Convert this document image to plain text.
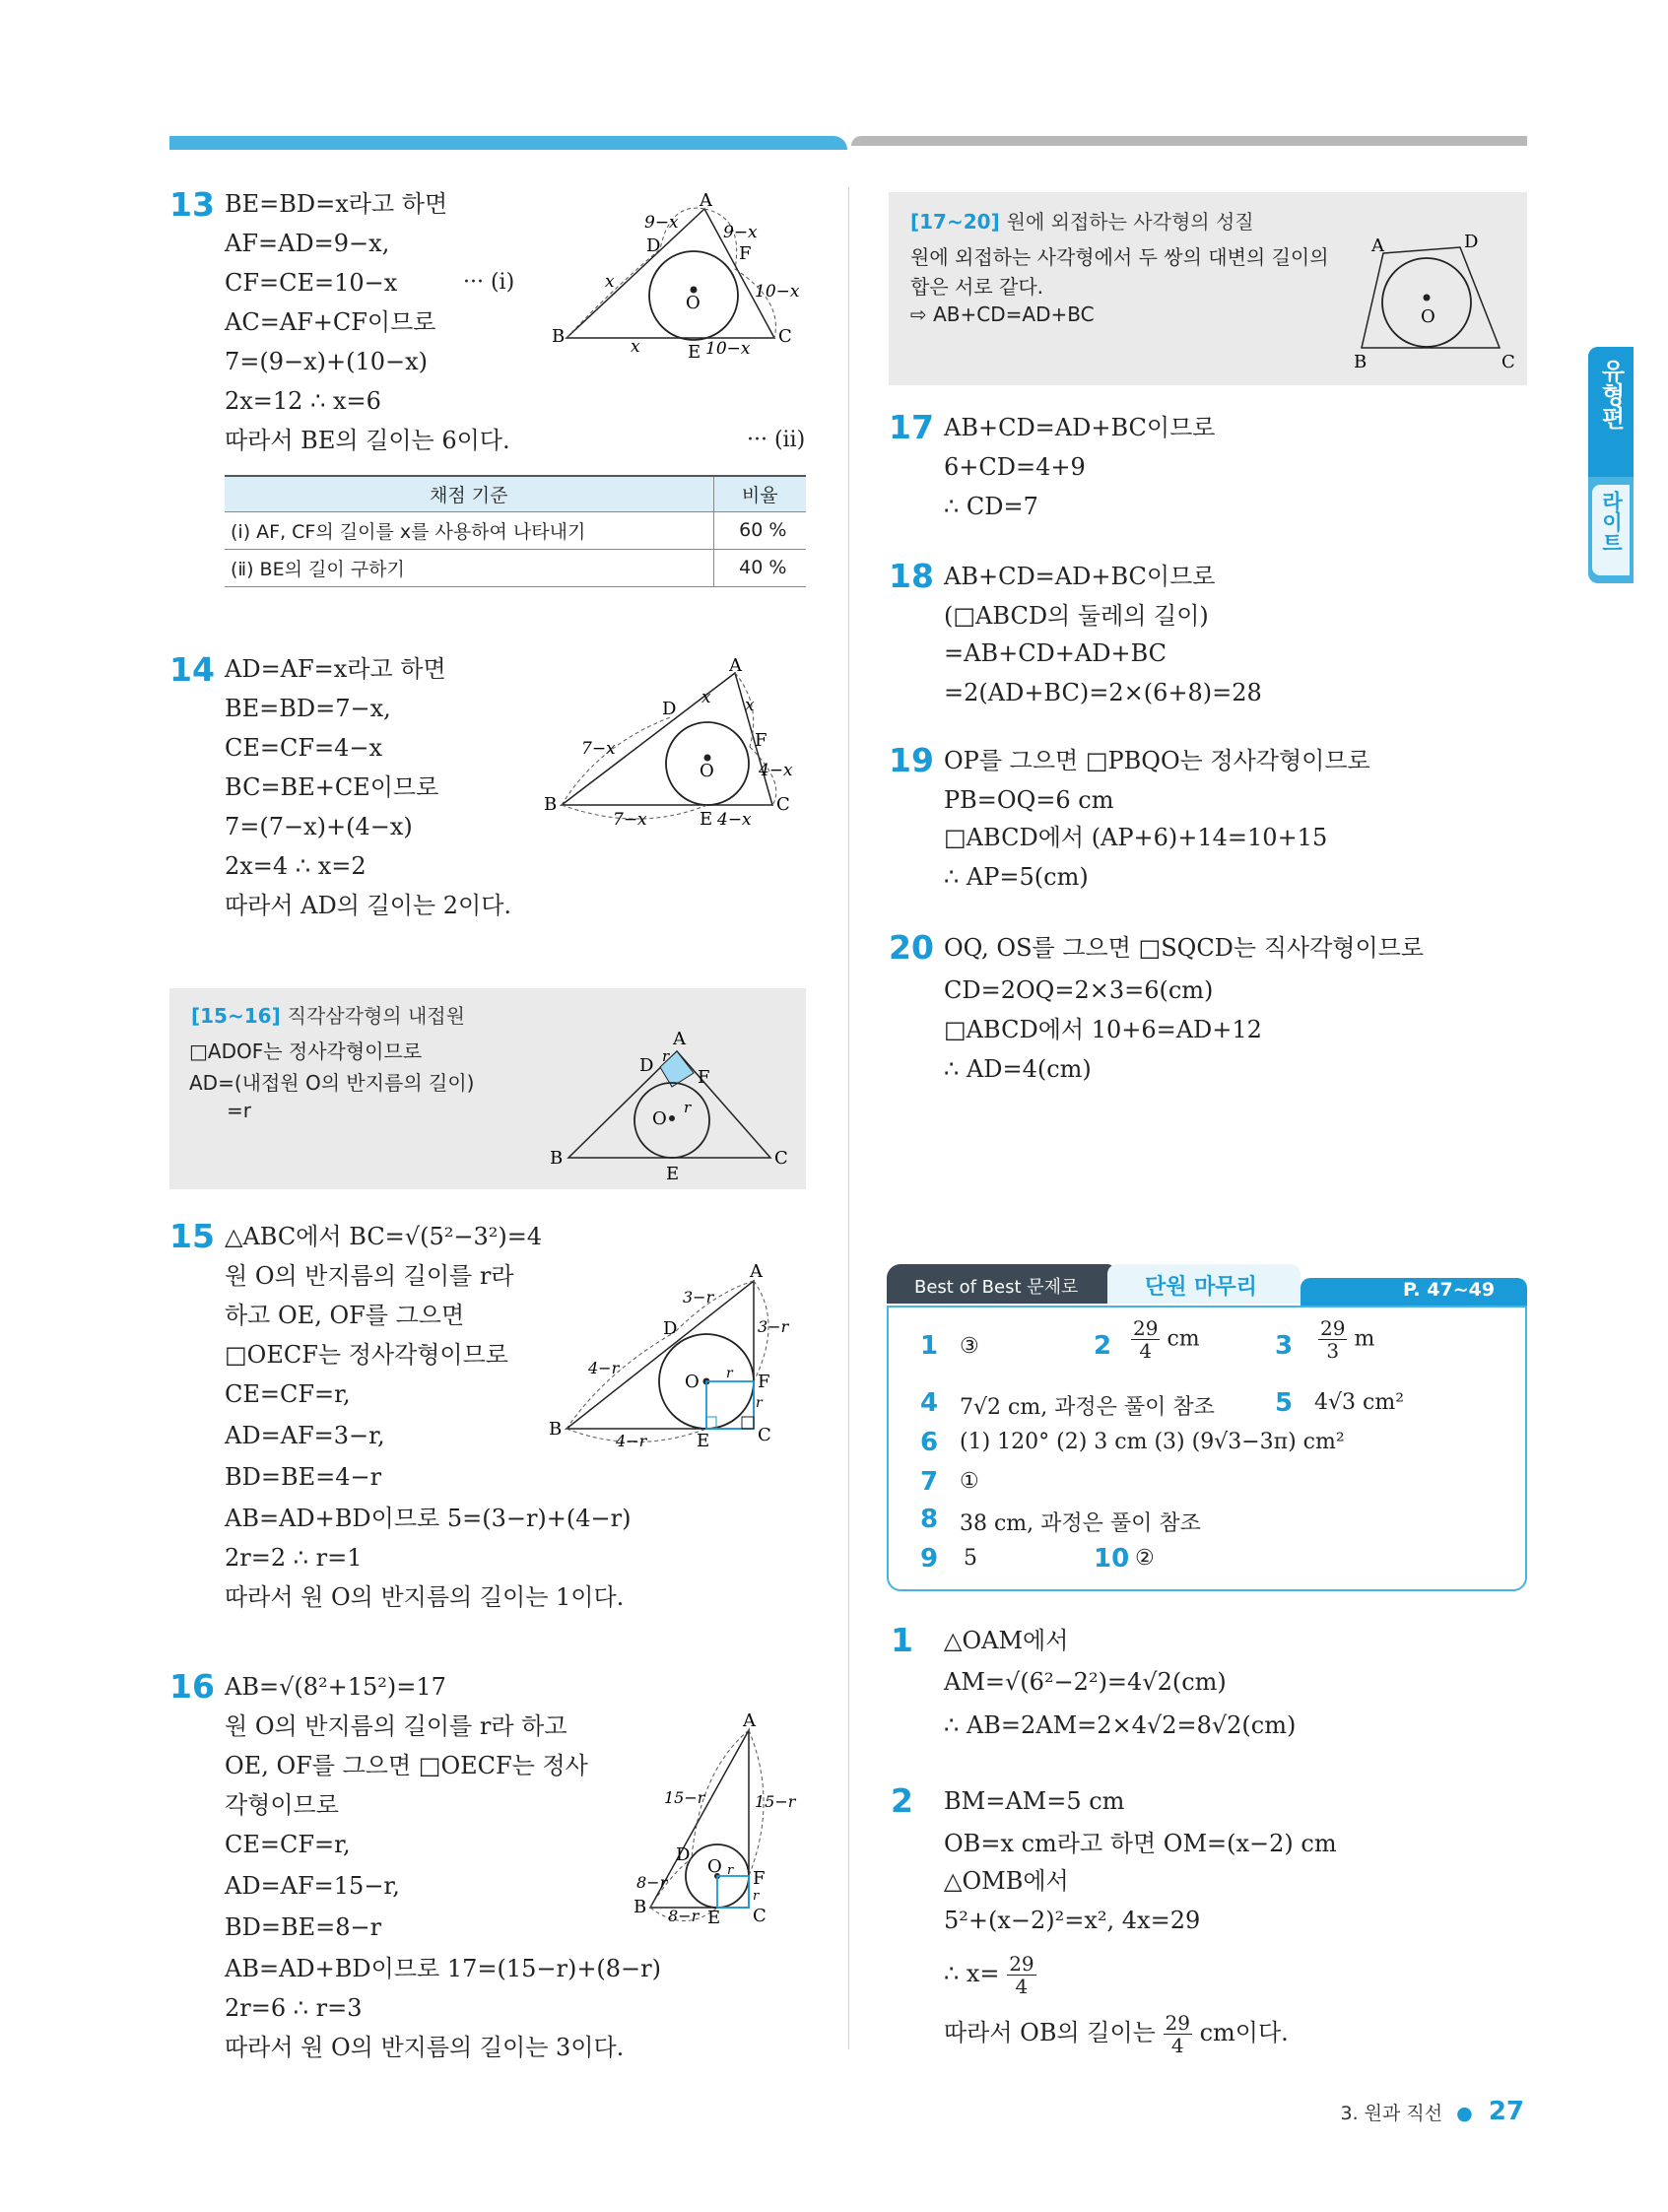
유형편
라이트
13 BE=BD=x라고 하면
AF=AD=9−x,
CF=CE=10−x
AC=AF+CF이므로
7=(9−x)+(10−x)
2x=12 ∴ x=6
따라서 BE의 길이는 6이다.
··· (ⅰ)
··· (ⅱ)
A
B	C
D
E
F
O
9−x	9−x
x	10−x
x	10−x
채점 기준	비율
(ⅰ) AF, CF의 길이를 x를 사용하여 나타내기	60 %
(ⅱ) BE의 길이 구하기	40 %
14 AD=AF=x라고 하면
BE=BD=7−x,
CE=CF=4−x
BC=BE+CE이므로
7=(7−x)+(4−x)
2x=4 ∴ x=2
따라서 AD의 길이는 2이다.
A
B	C
D
E
F
O
x x
7−x
4−x
7−x	4−x
[15~16] 직각삼각형의 내접원
□ADOF는 정사각형이므로
AD=(내접원 O의 반지름의 길이)
=r
A
B	C
D
E
F
O
r
r
15 △ABC에서 BC=√(5²−3²)=4
원 O의 반지름의 길이를 r라
하고 OE, OF를 그으면
□OECF는 정사각형이므로
CE=CF=r,
AD=AF=3−r,
BD=BE=4−r
AB=AD+BD이므로 5=(3−r)+(4−r)
2r=2 ∴ r=1
따라서 원 O의 반지름의 길이는 1이다.
A
B	C
D
E
F
O
3−r
3−r
4−r
4−r
r
r
16 AB=√(8²+15²)=17
원 O의 반지름의 길이를 r라 하고
OE, OF를 그으면 □OECF는 정사
각형이므로
CE=CF=r,
AD=AF=15−r,
BD=BE=8−r
AB=AD+BD이므로 17=(15−r)+(8−r)
2r=6 ∴ r=3
따라서 원 O의 반지름의 길이는 3이다.
A
B	C
D
E
F
O
15−r	15−r
8−r
8−r
r
r
[17~20] 원에 외접하는 사각형의 성질
원에 외접하는 사각형에서 두 쌍의 대변의 길이의
합은 서로 같다.
⇨ AB+CD=AD+BC
A
B	C
D
O
17 AB+CD=AD+BC이므로
6+CD=4+9
∴ CD=7
18 AB+CD=AD+BC이므로
(□ABCD의 둘레의 길이)
=AB+CD+AD+BC
=2(AD+BC)=2×(6+8)=28
19 OP를 그으면 □PBQO는 정사각형이므로
PB=OQ=6 cm
□ABCD에서 (AP+6)+14=10+15
∴ AP=5(cm)
20 OQ, OS를 그으면 □SQCD는 직사각형이므로
CD=2OQ=2×3=6(cm)
□ABCD에서 10+6=AD+12
∴ AD=4(cm)
Best of Best 문제로	단원 마무리	P. 47~49
1 ③	$2 \frac{29}{4}$ cm	$3 \frac{29}{3}$ m
4 7√2 cm, 과정은 풀이 참조 5 4√3 cm²
6 (1) 120° (2) 3 cm (3) (9√3−3π) cm²
7 ①
8 38 cm, 과정은 풀이 참조
9 5	10 ②
1 △OAM에서
AM=√(6²−2²)=4√2(cm)
∴ AB=2AM=2×4√2=8√2(cm)
2 BM=AM=5 cm
OB=x cm라고 하면 OM=(x−2) cm
△OMB에서
5²+(x−2)²=x², 4x=29
∴ $x= \frac{29}{4}$
따라서 OB의 길이는 $\frac{29}{4}$ cm이다.
3. 원과 직선 ● 27
